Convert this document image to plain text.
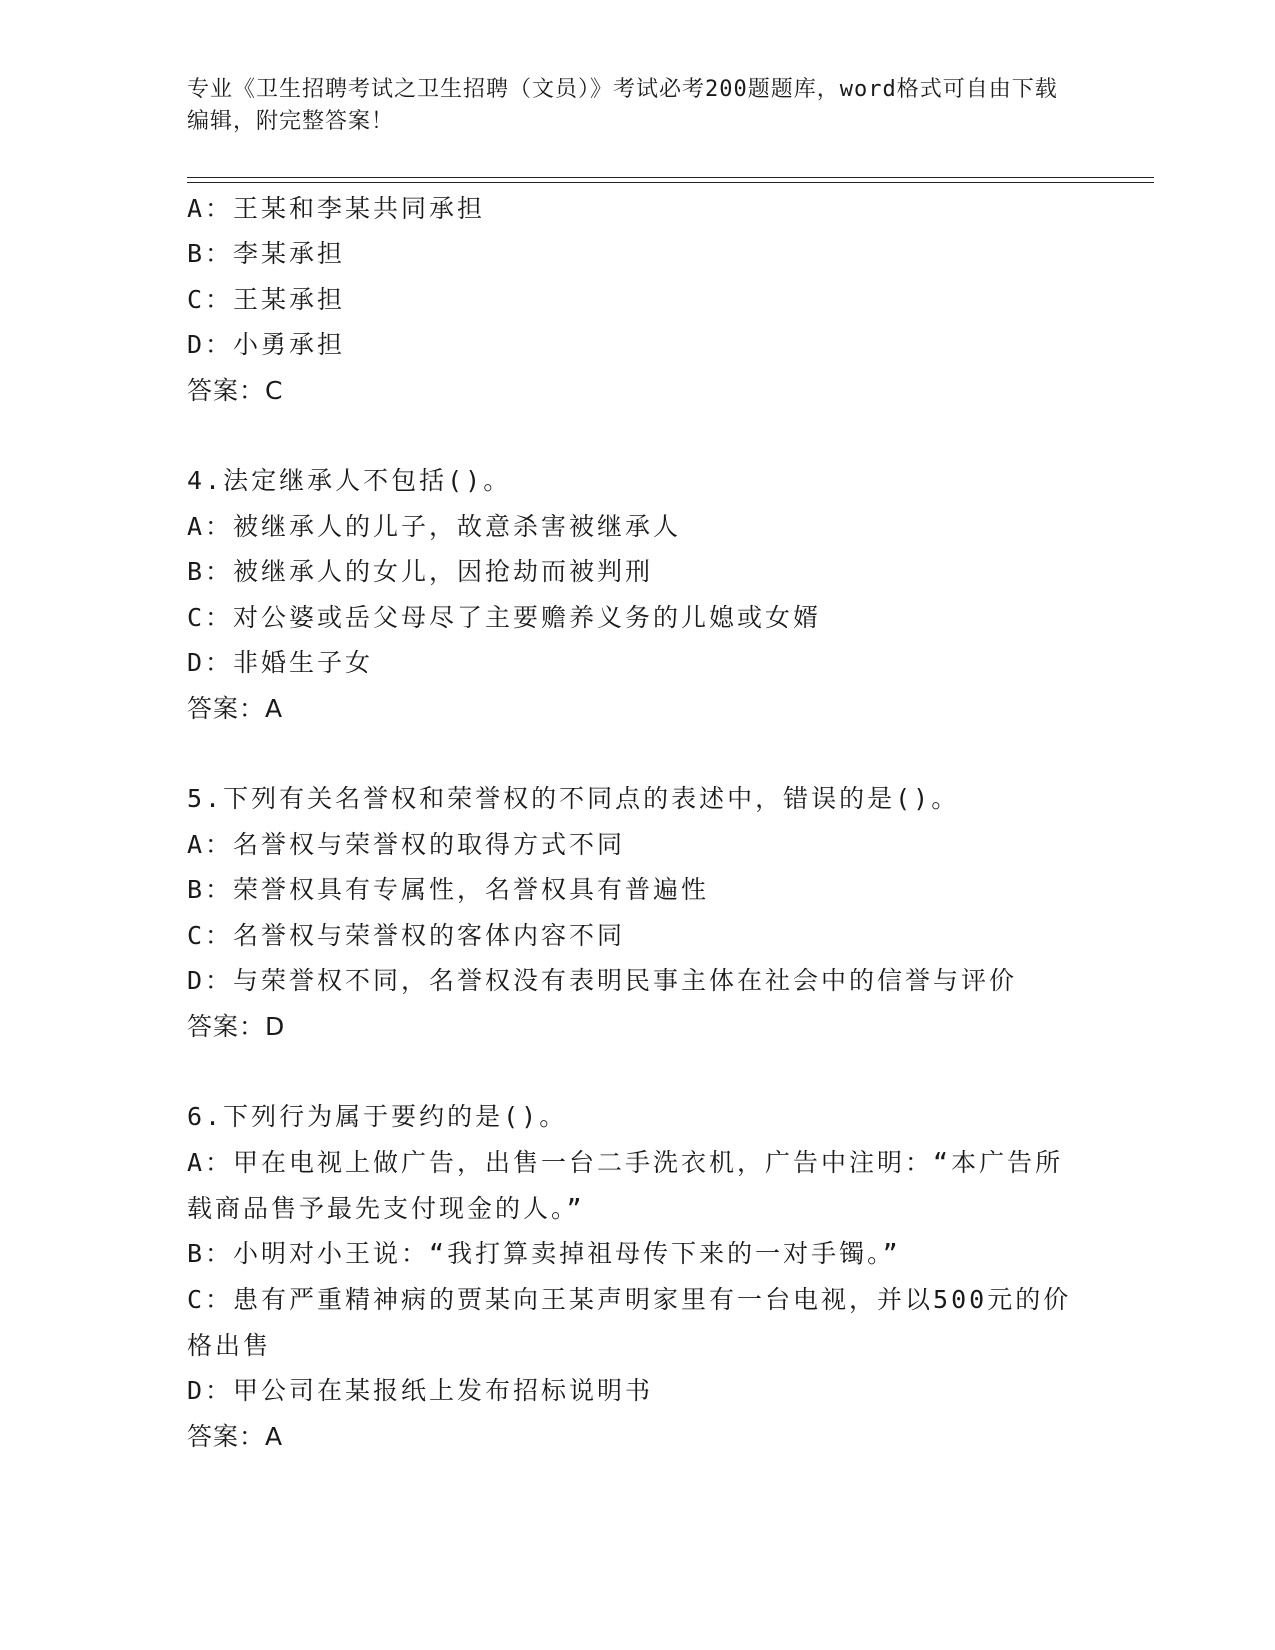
专业《卫生招聘考试之卫生招聘（文员）》考试必考200题题库，word格式可自由下载编辑，附完整答案！
A：王某和李某共同承担
B：李某承担
C：王某承担
D：小勇承担
答案：C
4.法定继承人不包括()。
A：被继承人的儿子，故意杀害被继承人
B：被继承人的女儿，因抢劫而被判刑
C：对公婆或岳父母尽了主要赡养义务的儿媳或女婿
D：非婚生子女
答案：A
5.下列有关名誉权和荣誉权的不同点的表述中，错误的是()。
A：名誉权与荣誉权的取得方式不同
B：荣誉权具有专属性，名誉权具有普遍性
C：名誉权与荣誉权的客体内容不同
D：与荣誉权不同，名誉权没有表明民事主体在社会中的信誉与评价
答案：D
6.下列行为属于要约的是()。
A：甲在电视上做广告，出售一台二手洗衣机，广告中注明：“本广告所载商品售予最先支付现金的人。”
B：小明对小王说：“我打算卖掉祖母传下来的一对手镯。”
C：患有严重精神病的贾某向王某声明家里有一台电视，并以500元的价格出售
D：甲公司在某报纸上发布招标说明书
答案：A
